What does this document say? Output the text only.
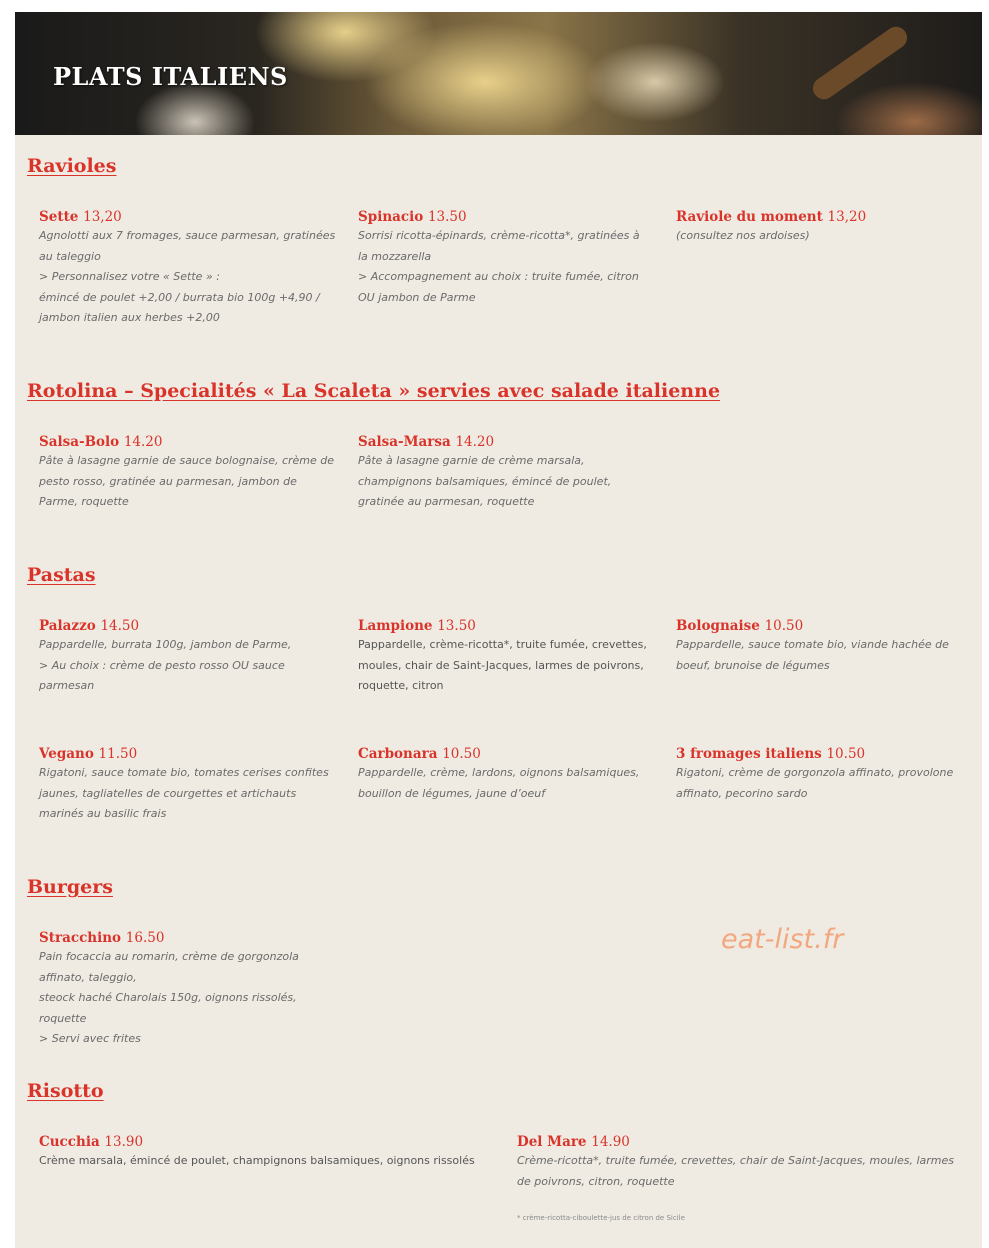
PLATS ITALIENS
Ravioles
Sette 13,20
Agnolotti aux 7 fromages, sauce parmesan, gratinées au taleggio
> Personnalisez votre « Sette » :
émincé de poulet +2,00 / burrata bio 100g +4,90 / jambon italien aux herbes +2,00
Spinacio 13.50
Sorrisi ricotta-épinards, crème-ricotta*, gratinées à la mozzarella
> Accompagnement au choix : truite fumée, citron OU jambon de Parme
Raviole du moment 13,20
(consultez nos ardoises)
Rotolina – Specialités « La Scaleta » servies avec salade italienne
Salsa-Bolo 14.20
Pâte à lasagne garnie de sauce bolognaise, crème de pesto rosso, gratinée au parmesan, jambon de Parme, roquette
Salsa-Marsa 14.20
Pâte à lasagne garnie de crème marsala, champignons balsamiques, émincé de poulet, gratinée au parmesan, roquette
Pastas
Palazzo 14.50
Pappardelle, burrata 100g, jambon de Parme,
> Au choix : crème de pesto rosso OU sauce parmesan
Lampione 13.50
Pappardelle, crème-ricotta*, truite fumée, crevettes, moules, chair de Saint-Jacques, larmes de poivrons, roquette, citron
Bolognaise 10.50
Pappardelle, sauce tomate bio, viande hachée de boeuf, brunoise de légumes
Vegano 11.50
Rigatoni, sauce tomate bio, tomates cerises confites jaunes, tagliatelles de courgettes et artichauts marinés au basilic frais
Carbonara 10.50
Pappardelle, crème, lardons, oignons balsamiques, bouillon de légumes, jaune d’oeuf
3 fromages italiens 10.50
Rigatoni, crème de gorgonzola affinato, provolone affinato, pecorino sardo
Burgers
Stracchino 16.50
Pain focaccia au romarin, crème de gorgonzola affinato, taleggio,
steock haché Charolais 150g, oignons rissolés, roquette
> Servi avec frites
eat-list.fr
Risotto
Cucchia 13.90
Crème marsala, émincé de poulet, champignons balsamiques, oignons rissolés
Del Mare 14.90
Crème-ricotta*, truite fumée, crevettes, chair de Saint-Jacques, moules, larmes de poivrons, citron, roquette
* crème-ricotta-ciboulette-jus de citron de Sicile
